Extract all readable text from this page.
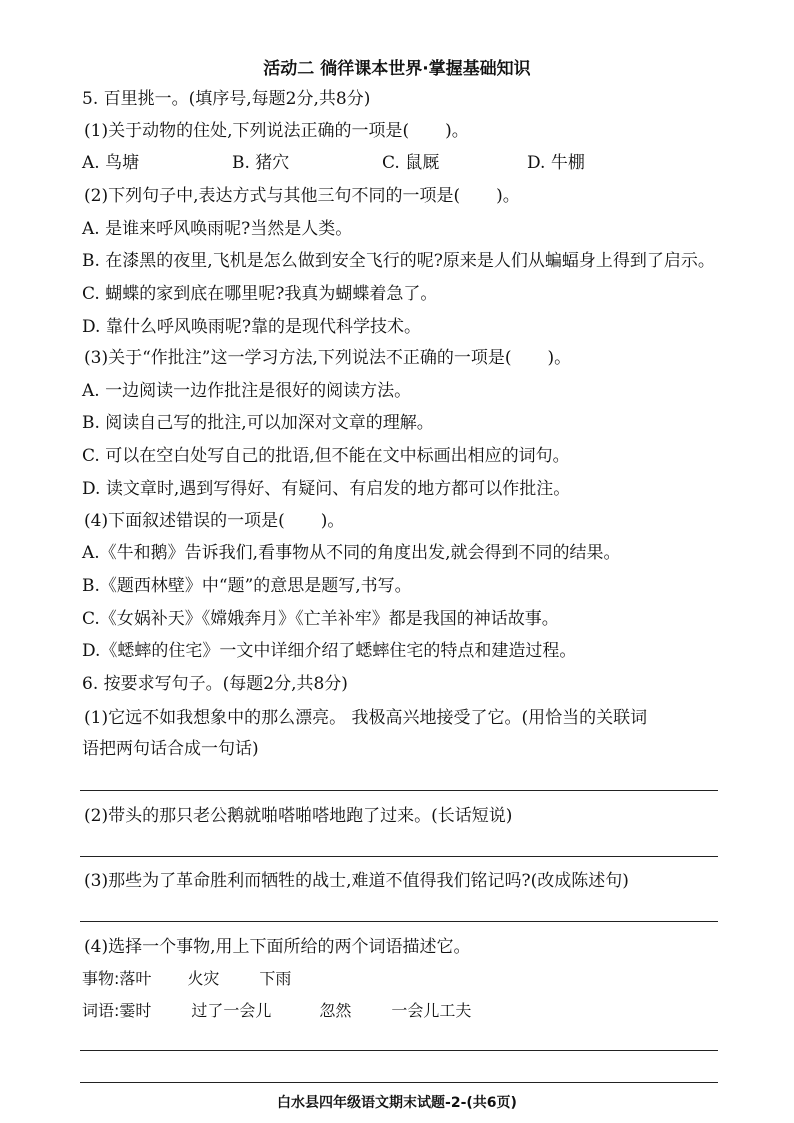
活动二 徜徉课本世界·掌握基础知识
5. 百里挑一。(填序号,每题2分,共8分)
(1)关于动物的住处,下列说法正确的一项是( )。
A. 鸟塘	B. 猪穴	C. 鼠厩	D. 牛棚
(2)下列句子中,表达方式与其他三句不同的一项是( )。
A. 是谁来呼风唤雨呢?当然是人类。
B. 在漆黑的夜里,飞机是怎么做到安全飞行的呢?原来是人们从蝙蝠身上得到了启示。
C. 蝴蝶的家到底在哪里呢?我真为蝴蝶着急了。
D. 靠什么呼风唤雨呢?靠的是现代科学技术。
(3)关于“作批注”这一学习方法,下列说法不正确的一项是( )。
A. 一边阅读一边作批注是很好的阅读方法。
B. 阅读自己写的批注,可以加深对文章的理解。
C. 可以在空白处写自己的批语,但不能在文中标画出相应的词句。
D. 读文章时,遇到写得好、有疑问、有启发的地方都可以作批注。
(4)下面叙述错误的一项是( )。
A.《牛和鹅》告诉我们,看事物从不同的角度出发,就会得到不同的结果。
B.《题西林壁》中“题”的意思是题写,书写。
C.《女娲补天》《嫦娥奔月》《亡羊补牢》都是我国的神话故事。
D.《蟋蟀的住宅》一文中详细介绍了蟋蟀住宅的特点和建造过程。
6. 按要求写句子。(每题2分,共8分)
(1)它远不如我想象中的那么漂亮。 我极高兴地接受了它。(用恰当的关联词
语把两句话合成一句话)
(2)带头的那只老公鹅就啪嗒啪嗒地跑了过来。(长话短说)
(3)那些为了革命胜利而牺牲的战士,难道不值得我们铭记吗?(改成陈述句)
(4)选择一个事物,用上下面所给的两个词语描述它。
事物:落叶 火灾 下雨
词语:霎时 过了一会儿	忽然 一会儿工夫
白水县四年级语文期末试题-2-(共6页)
